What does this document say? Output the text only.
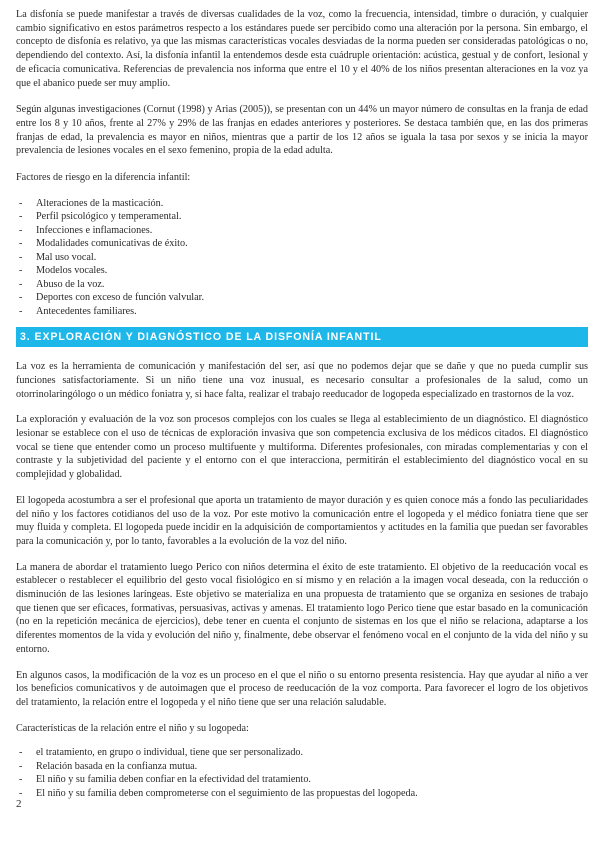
La disfonía se puede manifestar a través de diversas cualidades de la voz, como la frecuencia, intensidad, timbre o duración, y cualquier cambio significativo en estos parámetros respecto a los estándares puede ser percibido como una alteración por la persona. Sin embargo, el concepto de disfonía es relativo, ya que las mismas características vocales desviadas de la norma pueden ser consideradas patológicas o no, dependiendo del contexto. Así, la disfonía infantil la entendemos desde esta cuádruple orientación: acústica, gestual y de confort, lesional y de eficacia comunicativa. Referencias de prevalencia nos informa que entre el 10 y el 40% de los niños presentan alteraciones en la voz ya que el abanico puede ser muy amplio.

Según algunas investigaciones (Cornut (1998) y Arias (2005)), se presentan con un 44% un mayor número de consultas en la franja de edad entre los 8 y 10 años, frente al 27% y 29% de las franjas en edades anteriores y posteriores. Se destaca también que, en las dos primeras franjas de edad, la prevalencia es mayor en niños, mientras que a partir de los 12 años se iguala la tasa por sexos y se inicia la mayor prevalencia de lesiones vocales en el sexo femenino, propia de la edad adulta.

Factores de riesgo en la diferencia infantil:

- Alteraciones de la masticación.
- Perfil psicológico y temperamental.
- Infecciones e inflamaciones.
- Modalidades comunicativas de éxito.
- Mal uso vocal.
- Modelos vocales.
- Abuso de la voz.
- Deportes con exceso de función valvular.
- Antecedentes familiares.
3. EXPLORACIÓN Y DIAGNÓSTICO DE LA DISFONÍA INFANTIL

La voz es la herramienta de comunicación y manifestación del ser, así que no podemos dejar que se dañe y que no pueda cumplir sus funciones satisfactoriamente. Si un niño tiene una voz inusual, es necesario consultar a profesionales de la salud, como un otorrinolaringólogo o un médico foniatra y, si hace falta, realizar el trabajo reeducador de logopeda especializado en trastornos de la voz.

La exploración y evaluación de la voz son procesos complejos con los cuales se llega al establecimiento de un diagnóstico. El diagnóstico lesionar se establece con el uso de técnicas de exploración invasiva que son competencia exclusiva de los médicos citados. El diagnóstico vocal se tiene que entender como un proceso multifuente y multiforma. Diferentes profesionales, con miradas complementarias y con el contraste y la subjetividad del paciente y el entorno con el que interacciona, permitirán el establecimiento del diagnóstico vocal en su complejidad y globalidad.

El logopeda acostumbra a ser el profesional que aporta un tratamiento de mayor duración y es quien conoce más a fondo las peculiaridades del niño y los factores cotidianos del uso de la voz. Por este motivo la comunicación entre el logopeda y el médico foniatra tiene que ser muy fluida y completa. El logopeda puede incidir en la adquisición de comportamientos y actitudes en la familia que puedan ser favorables para la comunicación y, por lo tanto, favorables a la evolución de la voz del niño.

La manera de abordar el tratamiento luego Perico con niños determina el éxito de este tratamiento. El objetivo de la reeducación vocal es establecer o restablecer el equilibrio del gesto vocal fisiológico en sí mismo y en relación a la imagen vocal deseada, con la reducción o disminución de las lesiones laríngeas. Este objetivo se materializa en una propuesta de tratamiento que se organiza en sesiones de trabajo que tienen que ser eficaces, formativas, persuasivas, activas y amenas. El tratamiento logo Perico tiene que estar basado en la comunicación (no en la repetición mecánica de ejercicios), debe tener en cuenta el conjunto de sistemas en los que el niño se relaciona, adaptarse a los diferentes momentos de la vida y evolución del niño y, finalmente, debe observar el fenómeno vocal en el conjunto de la vida del niño y su entorno.

En algunos casos, la modificación de la voz es un proceso en el que el niño o su entorno presenta resistencia. Hay que ayudar al niño a ver los beneficios comunicativos y de autoimagen que el proceso de reeducación de la voz comporta. Para favorecer el logro de los objetivos del tratamiento, la relación entre el logopeda y el niño tiene que ser una relación saludable.

Características de la relación entre el niño y su logopeda:

- el tratamiento, en grupo o individual, tiene que ser personalizado.
- Relación basada en la confianza mutua.
- El niño y su familia deben confiar en la efectividad del tratamiento.
- El niño y su familia deben comprometerse con el seguimiento de las propuestas del logopeda.
2
